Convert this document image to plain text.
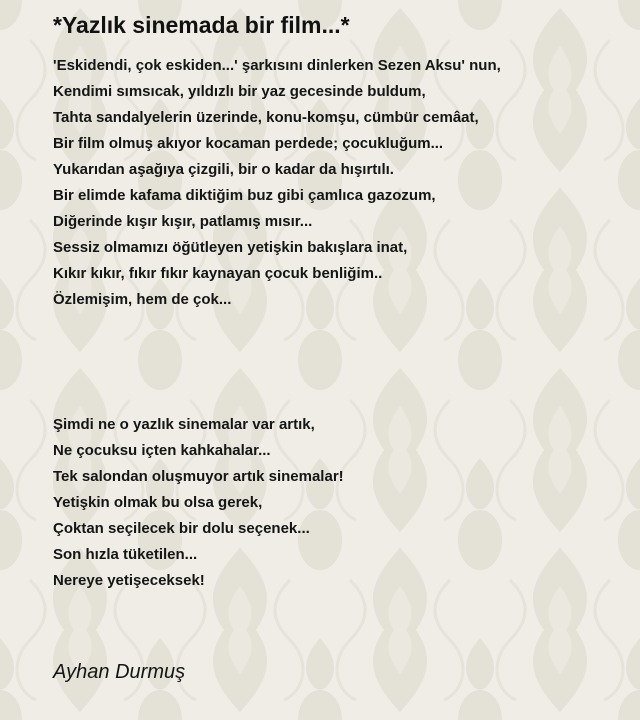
*Yazlık sinemada bir film...*
'Eskidendi, çok eskiden...' şarkısını dinlerken Sezen Aksu' nun,
Kendimi sımsıcak, yıldızlı bir yaz gecesinde buldum,
Tahta sandalyelerin üzerinde, konu-komşu, cümbür cemâat,
Bir film olmuş akıyor kocaman perdede; çocukluğum...
Yukarıdan aşağıya çizgili, bir o kadar da hışırtılı.
Bir elimde kafama diktiğim buz gibi çamlıca gazozum,
Diğerinde kışır kışır, patlamış mısır...
Sessiz olmamızı öğütleyen yetişkin bakışlara inat,
Kıkır kıkır, fıkır fıkır kaynayan çocuk benliğim..
Özlemişim, hem de çok...
Şimdi ne o yazlık sinemalar var artık,
Ne çocuksu içten kahkahalar...
Tek salondan oluşmuyor artık sinemalar!
Yetişkin olmak bu olsa gerek,
Çoktan seçilecek bir dolu seçenek...
Son hızla tüketilen...
Nereye yetişeceksek!
Ayhan Durmuş
